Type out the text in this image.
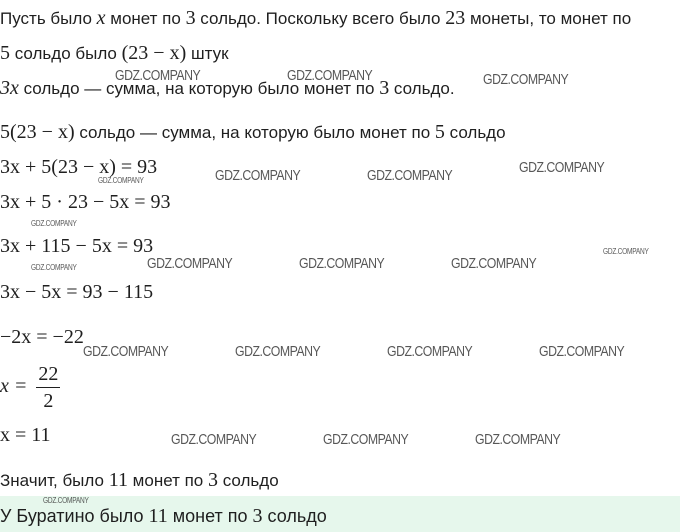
Пусть было x монет по 3 сольдо. Поскольку всего было 23 монеты, то монет по
5 сольдо было (23 − x) штук
3x сольдо — сумма, на которую было монет по 3 сольдо.
5(23 − x) сольдо — сумма, на которую было монет по 5 сольдо
3x + 5(23 − x) = 93
3x + 5 · 23 − 5x = 93
3x + 115 − 5x = 93
3x − 5x = 93 − 115
−2x = −22
$x = \frac{22}{2}$
x = 11
Значит, было 11 монет по 3 сольдо
У Буратино было 11 монет по 3 сольдо
GDZ.COMPANY	GDZ.COMPANY	GDZ.COMPANY
GDZ.COMPANY	GDZ.COMPANY	GDZ.COMPANY
GDZ.COMPANY	GDZ.COMPANY	GDZ.COMPANY
GDZ.COMPANY	GDZ.COMPANY	GDZ.COMPANY	GDZ.COMPANY
GDZ.COMPANY	GDZ.COMPANY	GDZ.COMPANY
GDZ.COMPANY
GDZ.COMPANY
GDZ.COMPANY
GDZ.COMPANY
GDZ.COMPANY
